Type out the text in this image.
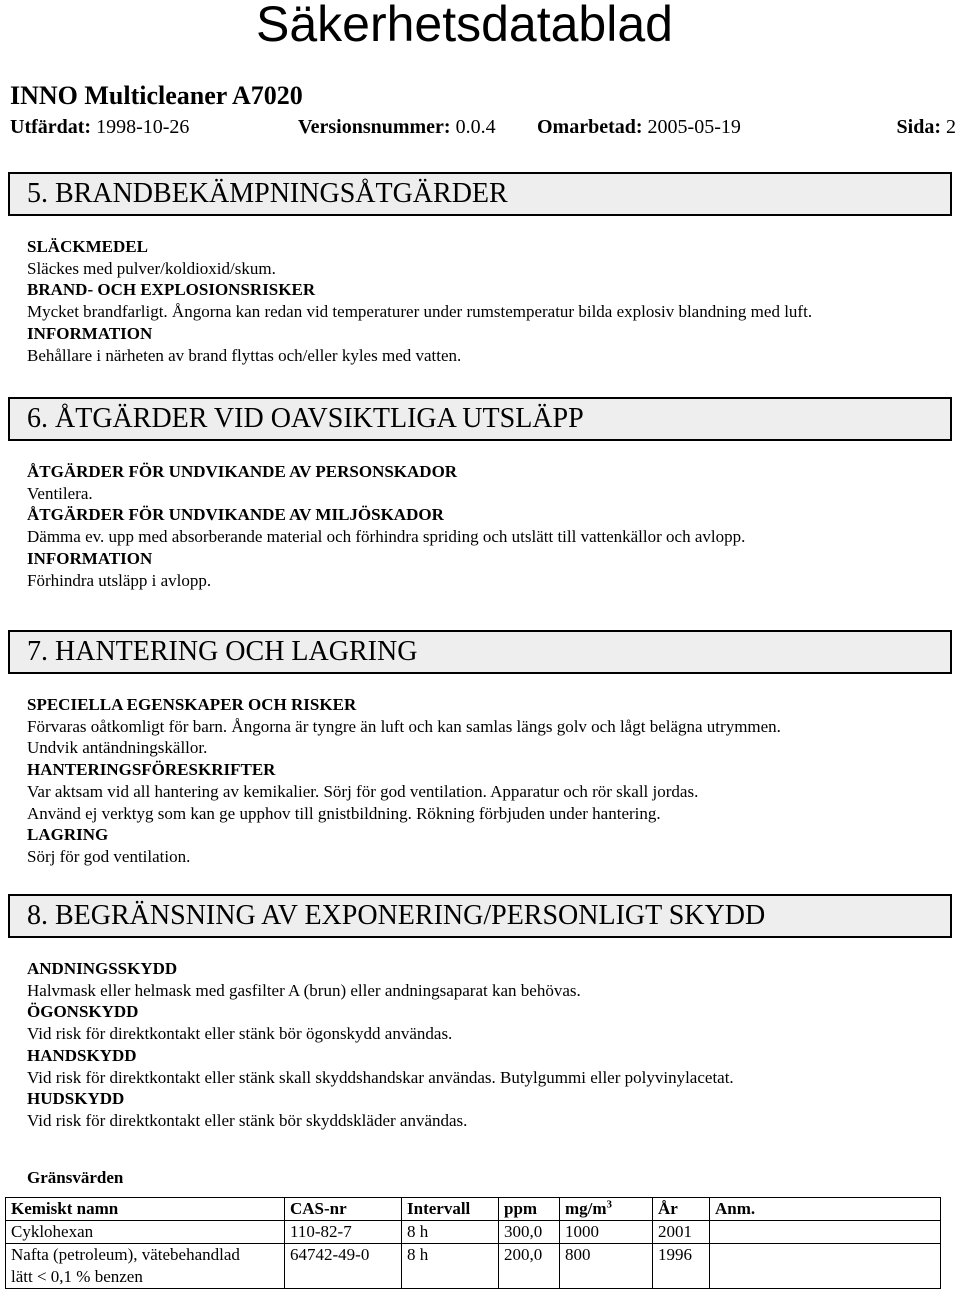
Säkerhetsdatablad
INNO Multicleaner A7020
Utfärdat: 1998-10-26	Versionsnummer: 0.0.4 Omarbetad: 2005-05-19	Sida: 2
5. BRANDBEKÄMPNINGSÅTGÄRDER
SLÄCKMEDEL
Släckes med pulver/koldioxid/skum.
BRAND- OCH EXPLOSIONSRISKER
Mycket brandfarligt. Ångorna kan redan vid temperaturer under rumstemperatur bilda explosiv blandning med luft.
INFORMATION
Behållare i närheten av brand flyttas och/eller kyles med vatten.
6. ÅTGÄRDER VID OAVSIKTLIGA UTSLÄPP
ÅTGÄRDER FÖR UNDVIKANDE AV PERSONSKADOR
Ventilera.
ÅTGÄRDER FÖR UNDVIKANDE AV MILJÖSKADOR
Dämma ev. upp med absorberande material och förhindra spriding och utslätt till vattenkällor och avlopp.
INFORMATION
Förhindra utsläpp i avlopp.
7. HANTERING OCH LAGRING
SPECIELLA EGENSKAPER OCH RISKER
Förvaras oåtkomligt för barn. Ångorna är tyngre än luft och kan samlas längs golv och lågt belägna utrymmen.
Undvik antändningskällor.
HANTERINGSFÖRESKRIFTER
Var aktsam vid all hantering av kemikalier. Sörj för god ventilation. Apparatur och rör skall jordas.
Använd ej verktyg som kan ge upphov till gnistbildning. Rökning förbjuden under hantering.
LAGRING
Sörj för god ventilation.
8. BEGRÄNSNING AV EXPONERING/PERSONLIGT SKYDD
ANDNINGSSKYDD
Halvmask eller helmask med gasfilter A (brun) eller andningsaparat kan behövas.
ÖGONSKYDD
Vid risk för direktkontakt eller stänk bör ögonskydd användas.
HANDSKYDD
Vid risk för direktkontakt eller stänk skall skyddshandskar användas. Butylgummi eller polyvinylacetat.
HUDSKYDD
Vid risk för direktkontakt eller stänk bör skyddskläder användas.
Gränsvärden
Kemiskt namn	CAS-nr	Intervall	ppm	$mg/m^3$	År	Anm.
Cyklohexan	110-82-7	8 h	300,0	1000	2001	
Nafta (petroleum), vätebehandlad
lätt < 0,1 % benzen	64742-49-0	8 h	200,0	800	1996	
